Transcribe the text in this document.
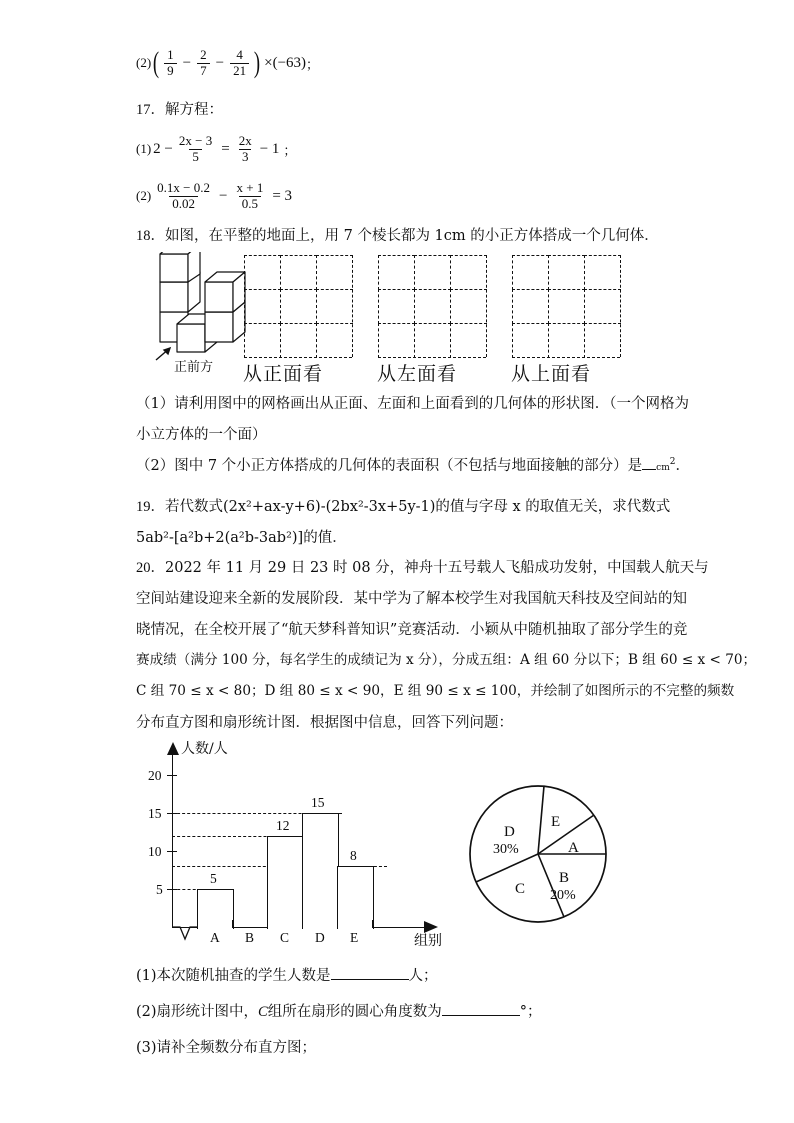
(2) ( $\frac{1}{9} - \frac{2}{7} - \frac{4}{21}$ ) ×(−63) ；
17．解方程：
(1) $2 - \frac{2x - 3}{5} = \frac{2x}{3} - 1$ ；
$(2) \frac{0.1x - 0.2}{0.02} - \frac{x + 1}{0.5} = 3$
18．如图，在平整的地面上，用 7 个棱长都为 1cm 的小正方体搭成一个几何体．
正前方 从正面看	从左面看	从上面看
（1）请利用图中的网格画出从正面、左面和上面看到的几何体的形状图．（一个网格为
小立方体的一个面）
（2）图中 7 个小正方体搭成的几何体的表面积（不包括与地面接触的部分）是 $cm^2$．
19．若代数式(2x²+ax-y+6)-(2bx²-3x+5y-1)的值与字母 x 的取值无关，求代数式
5ab²-[a²b+2(a²b-3ab²)]的值．
20．2022 年 11 月 29 日 23 时 08 分，神舟十五号载人飞船成功发射，中国载人航天与
空间站建设迎来全新的发展阶段．某中学为了解本校学生对我国航天科技及空间站的知
晓情况，在全校开展了“航天梦科普知识”竞赛活动．小颖从中随机抽取了部分学生的竞
赛成绩（满分 100 分，每名学生的成绩记为 x 分），分成五组：A 组 60 分以下；B 组 60 ≤ x < 70；
C 组 70 ≤ x < 80；D 组 80 ≤ x < 90，E 组 90 ≤ x ≤ 100，并绘制了如图所示的不完整的频数
分布直方图和扇形统计图．根据图中信息，回答下列问题：
人数/人
组别
5
10
15
20
5
12
15
8
A B C D E
A
B
20%
C
D
30%
E
(1)本次随机抽查的学生人数是	人；
(2)扇形统计图中，C组所在扇形的圆心角度数为	°；
(3)请补全频数分布直方图；
